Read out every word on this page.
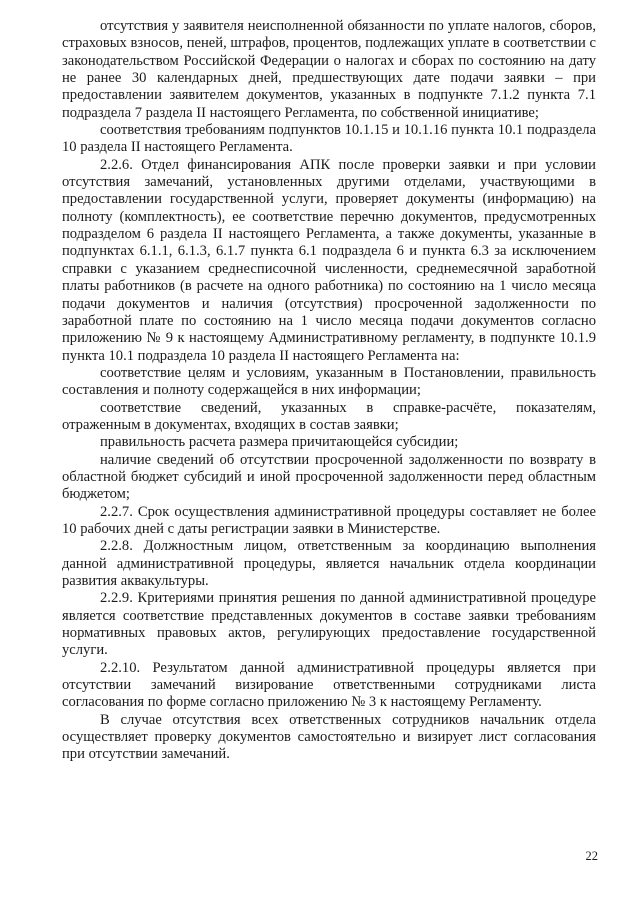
отсутствия у заявителя неисполненной обязанности по уплате налогов, сборов, страховых взносов, пеней, штрафов, процентов, подлежащих уплате в соответствии с законодательством Российской Федерации о налогах и сборах по состоянию на дату не ранее 30 календарных дней, предшествующих дате подачи заявки – при предоставлении заявителем документов, указанных в подпункте 7.1.2 пункта 7.1 подраздела 7 раздела II настоящего Регламента, по собственной инициативе;

соответствия требованиям подпунктов 10.1.15 и 10.1.16 пункта 10.1 подраздела 10 раздела II настоящего Регламента.

2.2.6. Отдел финансирования АПК после проверки заявки и при условии отсутствия замечаний, установленных другими отделами, участвующими в предоставлении государственной услуги, проверяет документы (информацию) на полноту (комплектность), ее соответствие перечню документов, предусмотренных подразделом 6 раздела II настоящего Регламента, а также документы, указанные в подпунктах 6.1.1, 6.1.3, 6.1.7 пункта 6.1 подраздела 6 и пункта 6.3 за исключением справки с указанием среднесписочной численности, среднемесячной заработной платы работников (в расчете на одного работника) по состоянию на 1 число месяца подачи документов и наличия (отсутствия) просроченной задолженности по заработной плате по состоянию на 1 число месяца подачи документов согласно приложению № 9 к настоящему Административному регламенту, в подпункте 10.1.9 пункта 10.1 подраздела 10 раздела II настоящего Регламента на:

соответствие целям и условиям, указанным в Постановлении, правильность составления и полноту содержащейся в них информации;

соответствие сведений, указанных в справке-расчёте, показателям, отраженным в документах, входящих в состав заявки;

правильность расчета размера причитающейся субсидии;

наличие сведений об отсутствии просроченной задолженности по возврату в областной бюджет субсидий и иной просроченной задолженности перед областным бюджетом;

2.2.7. Срок осуществления административной процедуры составляет не более 10 рабочих дней с даты регистрации заявки в Министерстве.

2.2.8. Должностным лицом, ответственным за координацию выполнения данной административной процедуры, является начальник отдела координации развития аквакультуры.

2.2.9. Критериями принятия решения по данной административной процедуре является соответствие представленных документов в составе заявки требованиям нормативных правовых актов, регулирующих предоставление государственной услуги.

2.2.10. Результатом данной административной процедуры является при отсутствии замечаний визирование ответственными сотрудниками листа согласования по форме согласно приложению № 3 к настоящему Регламенту.

В случае отсутствия всех ответственных сотрудников начальник отдела осуществляет проверку документов самостоятельно и визирует лист согласования при отсутствии замечаний.

22
